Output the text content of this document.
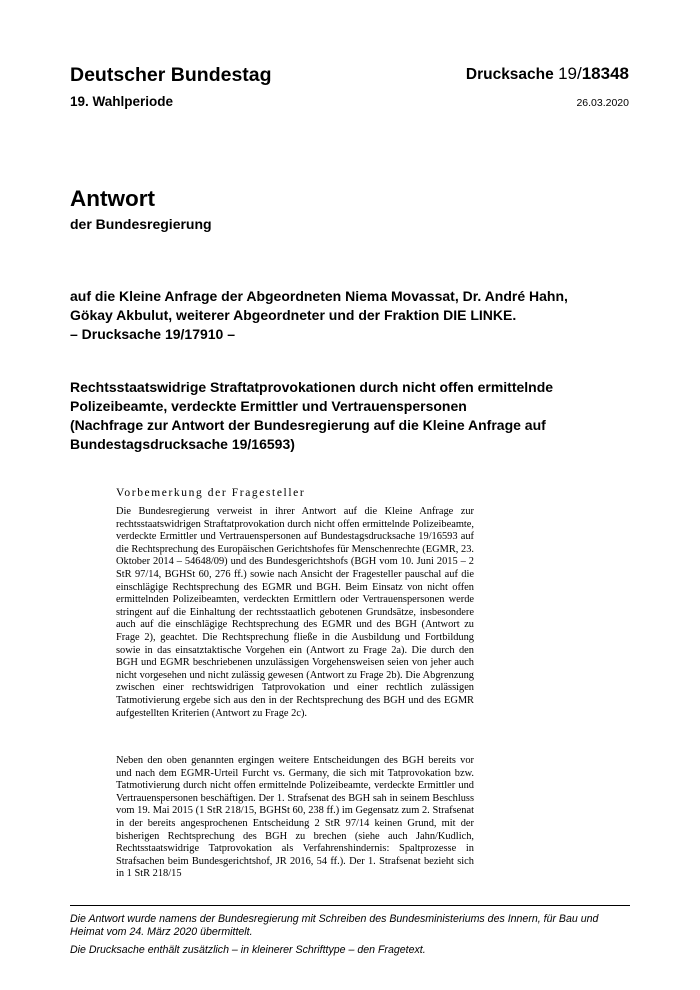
Deutscher Bundestag
19. Wahlperiode
Drucksache 19/18348
26.03.2020
Antwort
der Bundesregierung
auf die Kleine Anfrage der Abgeordneten Niema Movassat, Dr. André Hahn,
Gökay Akbulut, weiterer Abgeordneter und der Fraktion DIE LINKE.
– Drucksache 19/17910 –
Rechtsstaatswidrige Straftatprovokationen durch nicht offen ermittelnde
Polizeibeamte, verdeckte Ermittler und Vertrauenspersonen
(Nachfrage zur Antwort der Bundesregierung auf die Kleine Anfrage auf
Bundestagsdrucksache 19/16593)
Vorbemerkung der Fragesteller
Die Bundesregierung verweist in ihrer Antwort auf die Kleine Anfrage zur rechtsstaatswidrigen Straftatprovokation durch nicht offen ermittelnde Polizeibeamte, verdeckte Ermittler und Vertrauenspersonen auf Bundestagsdrucksache 19/16593 auf die Rechtsprechung des Europäischen Gerichtshofes für Menschenrechte (EGMR, 23. Oktober 2014 – 54648/09) und des Bundesgerichtshofs (BGH vom 10. Juni 2015 – 2 StR 97/14, BGHSt 60, 276 ff.) sowie nach Ansicht der Fragesteller pauschal auf die einschlägige Rechtsprechung des EGMR und BGH. Beim Einsatz von nicht offen ermittelnden Polizeibeamten, verdeckten Ermittlern oder Vertrauenspersonen werde stringent auf die Einhaltung der rechtsstaatlich gebotenen Grundsätze, insbesondere auch auf die einschlägige Rechtsprechung des EGMR und des BGH (Antwort zu Frage 2), geachtet. Die Rechtsprechung fließe in die Ausbildung und Fortbildung sowie in das einsatztaktische Vorgehen ein (Antwort zu Frage 2a). Die durch den BGH und EGMR beschriebenen unzulässigen Vorgehensweisen seien von jeher auch nicht vorgesehen und nicht zulässig gewesen (Antwort zu Frage 2b). Die Abgrenzung zwischen einer rechtswidrigen Tatprovokation und einer rechtlich zulässigen Tatmotivierung ergebe sich aus den in der Rechtsprechung des BGH und des EGMR aufgestellten Kriterien (Antwort zu Frage 2c).
Neben den oben genannten ergingen weitere Entscheidungen des BGH bereits vor und nach dem EGMR-Urteil Furcht vs. Germany, die sich mit Tatprovokation bzw. Tatmotivierung durch nicht offen ermittelnde Polizeibeamte, verdeckte Ermittler und Vertrauenspersonen beschäftigen. Der 1. Strafsenat des BGH sah in seinem Beschluss vom 19. Mai 2015 (1 StR 218/15, BGHSt 60, 238 ff.) im Gegensatz zum 2. Strafsenat in der bereits angesprochenen Entscheidung 2 StR 97/14 keinen Grund, mit der bisherigen Rechtsprechung des BGH zu brechen (siehe auch Jahn/Kudlich, Rechtsstaatswidrige Tatprovokation als Verfahrenshindernis: Spaltprozesse in Strafsachen beim Bundesgerichtshof, JR 2016, 54 ff.). Der 1. Strafsenat bezieht sich in 1 StR 218/15
Die Antwort wurde namens der Bundesregierung mit Schreiben des Bundesministeriums des Innern, für Bau und Heimat vom 24. März 2020 übermittelt.
Die Drucksache enthält zusätzlich – in kleinerer Schrifttype – den Fragetext.
